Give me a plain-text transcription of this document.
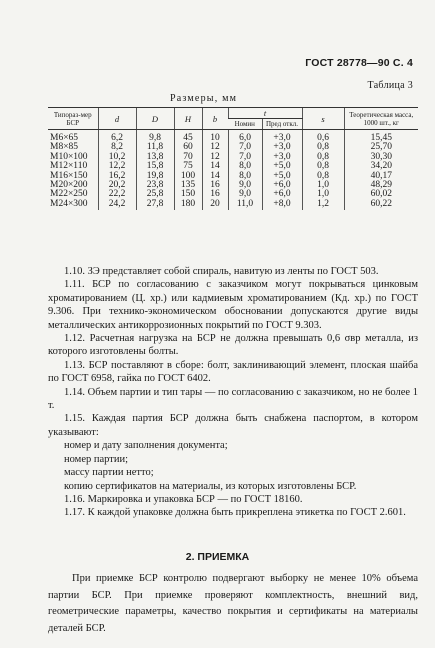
ГОСТ 28778—90 С. 4
Таблица 3
Размеры, мм
Типораз-мер БСР	d	D	H	b	t		s	Теоретическая масса, 1000 шт., кг
					Номин	Пред откл.		
М6×65	6,2	9,8	45	10	6,0	+3,0	0,6	15,45
М8×85	8,2	11,8	60	12	7,0	+3,0	0,8	25,70
М10×100	10,2	13,8	70	12	7,0	+3,0	0,8	30,30
М12×110	12,2	15,8	75	14	8,0	+5,0	0,8	34,20
М16×150	16,2	19,8	100	14	8,0	+5,0	0,8	40,17
М20×200	20,2	23,8	135	16	9,0	+6,0	1,0	48,29
М22×250	22,2	25,8	150	16	9,0	+6,0	1,0	60,02
М24×300	24,2	27,8	180	20	11,0	+8,0	1,2	60,22

1.10. ЗЭ представляет собой спираль, навитую из ленты по ГОСТ 503.

1.11. БСР по согласованию с заказчиком могут покрываться цинковым хроматированием (Ц. хр.) или кадмиевым хроматированием (Кд. хр.) по ГОСТ 9.306. При технико-экономическом обосновании допускаются другие виды металлических антикоррозионных покрытий по ГОСТ 9.303.

1.12. Расчетная нагрузка на БСР не должна превышать 0,6 σвр металла, из которого изготовлены болты.

1.13. БСР поставляют в сборе: болт, заклинивающий элемент, плоская шайба по ГОСТ 6958, гайка по ГОСТ 6402.

1.14. Объем партии и тип тары — по согласованию с заказчиком, но не более 1 т.

1.15. Каждая партия БСР должна быть снабжена паспортом, в котором указывают:

номер и дату заполнения документа;

номер партии;

массу партии нетто;

копию сертификатов на материалы, из которых изготовлены БСР.

1.16. Маркировка и упаковка БСР — по ГОСТ 18160.

1.17. К каждой упаковке должна быть прикреплена этикетка по ГОСТ 2.601.

2. ПРИЕМКА

При приемке БСР контролю подвергают выборку не менее 10% объема партии БСР. При приемке проверяют комплектность, внешний вид, геометрические параметры, качество покрытия и сертификаты на материалы деталей БСР.
